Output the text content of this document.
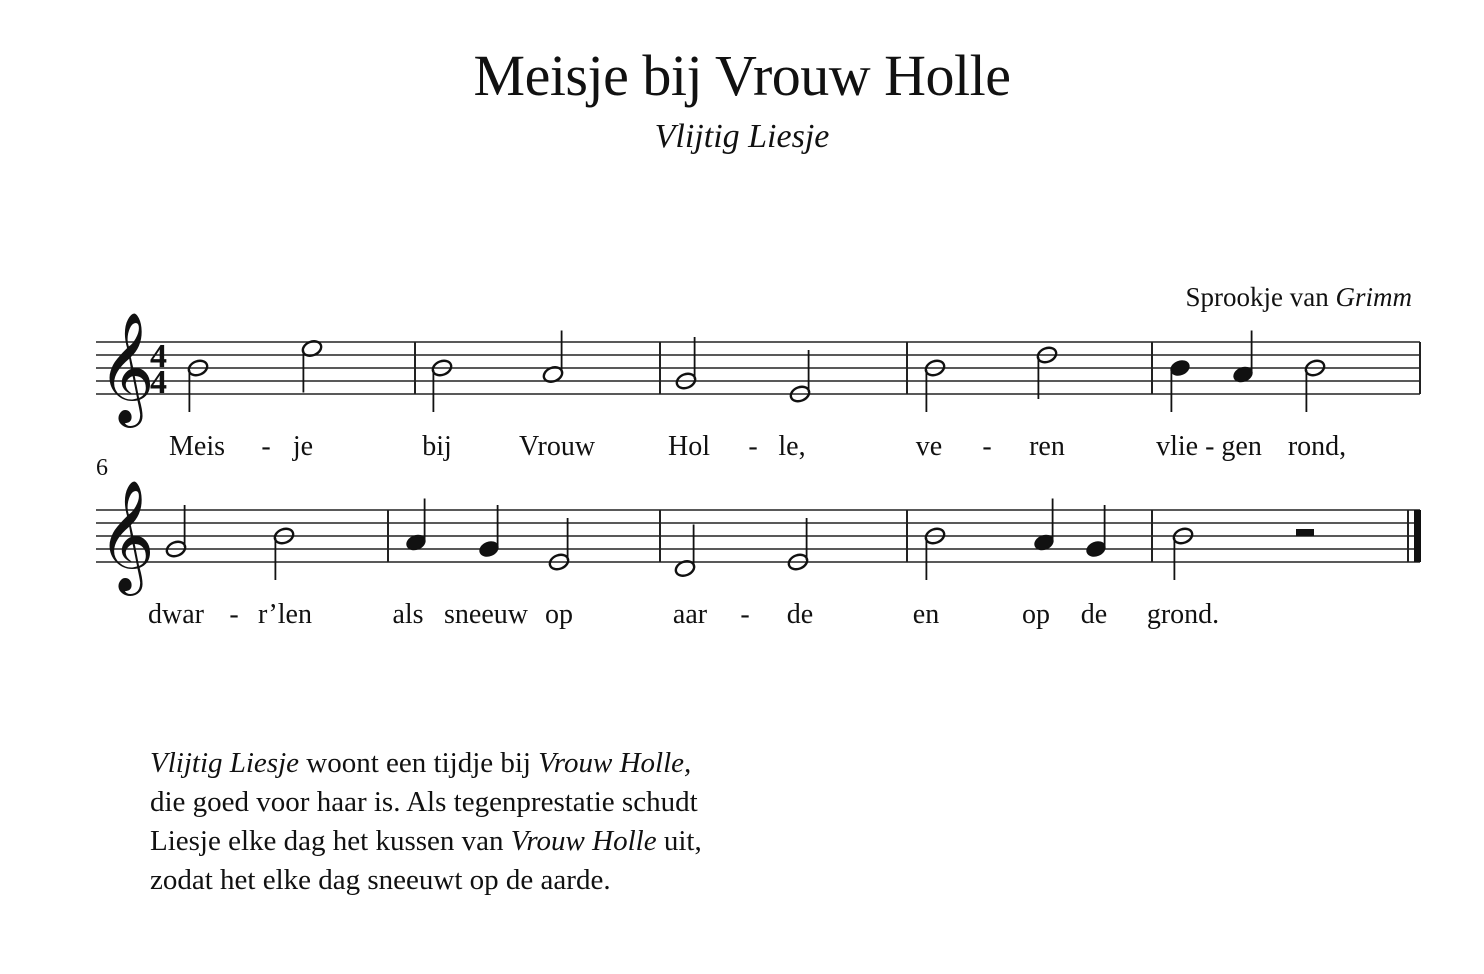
Meisje bij Vrouw Holle
Vlijtig Liesje
Sprookje van Grimm
𝄞
4
4
Meis - je	bij Vrouw	Hol - le,	ve - ren	vlie - gen rond,
𝄞
6
dwar - r’len	als sneeuw op	aar - de	en	op de grond.

Vlijtig Liesje woont een tijdje bij Vrouw Holle,

die goed voor haar is. Als tegenprestatie schudt

Liesje elke dag het kussen van Vrouw Holle uit,

zodat het elke dag sneeuwt op de aarde.
